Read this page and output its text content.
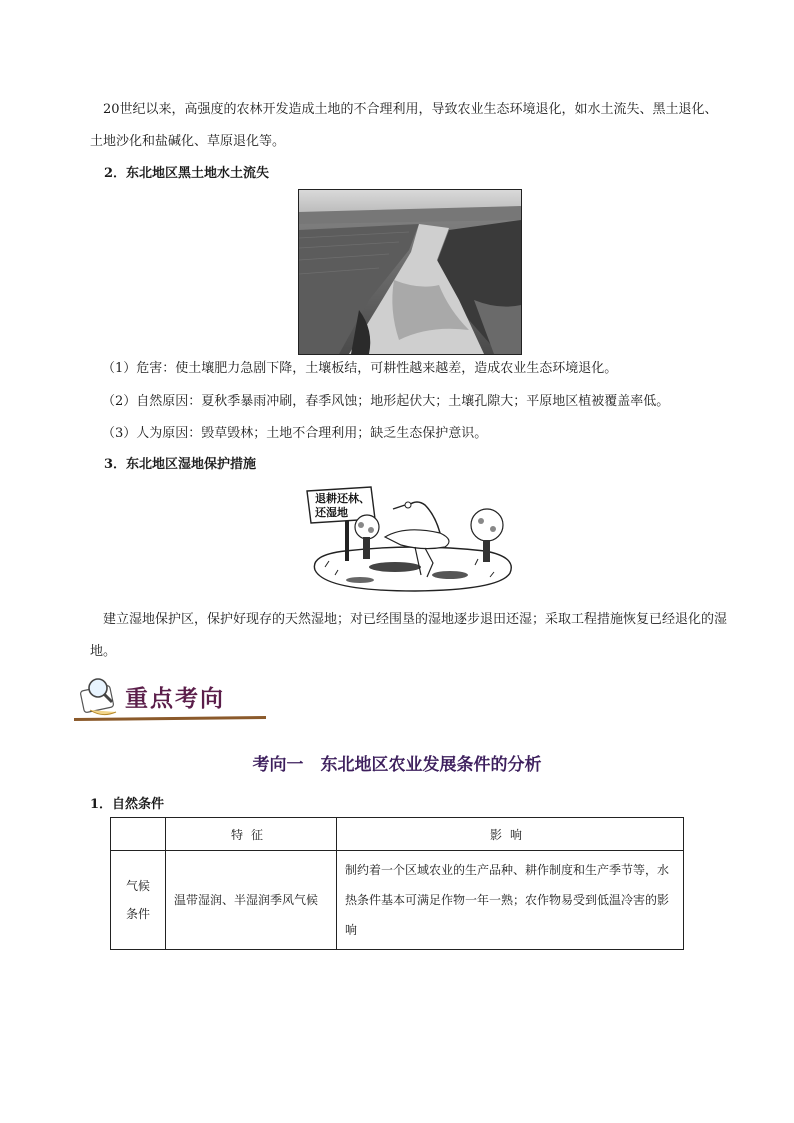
20世纪以来，高强度的农林开发造成土地的不合理利用，导致农业生态环境退化，如水土流失、黑土退化、土地沙化和盐碱化、草原退化等。

2．东北地区黑土地水土流失

（1）危害：使土壤肥力急剧下降，土壤板结，可耕性越来越差，造成农业生态环境退化。

（2）自然原因：夏秋季暴雨冲刷，春季风蚀；地形起伏大；土壤孔隙大；平原地区植被覆盖率低。

（3）人为原因：毁草毁林；土地不合理利用；缺乏生态保护意识。

3．东北地区湿地保护措施

退耕还林、
还湿地

建立湿地保护区，保护好现存的天然湿地；对已经围垦的湿地逐步退田还湿；采取工程措施恢复已经退化的湿地。

重点考向

考向一　东北地区农业发展条件的分析

1．自然条件

	特征	影响

气候
条件	温带湿润、半湿润季风气候	制约着一个区域农业的生产品种、耕作制度和生产季节等，水热条件基本可满足作物一年一熟；农作物易受到低温冷害的影响
